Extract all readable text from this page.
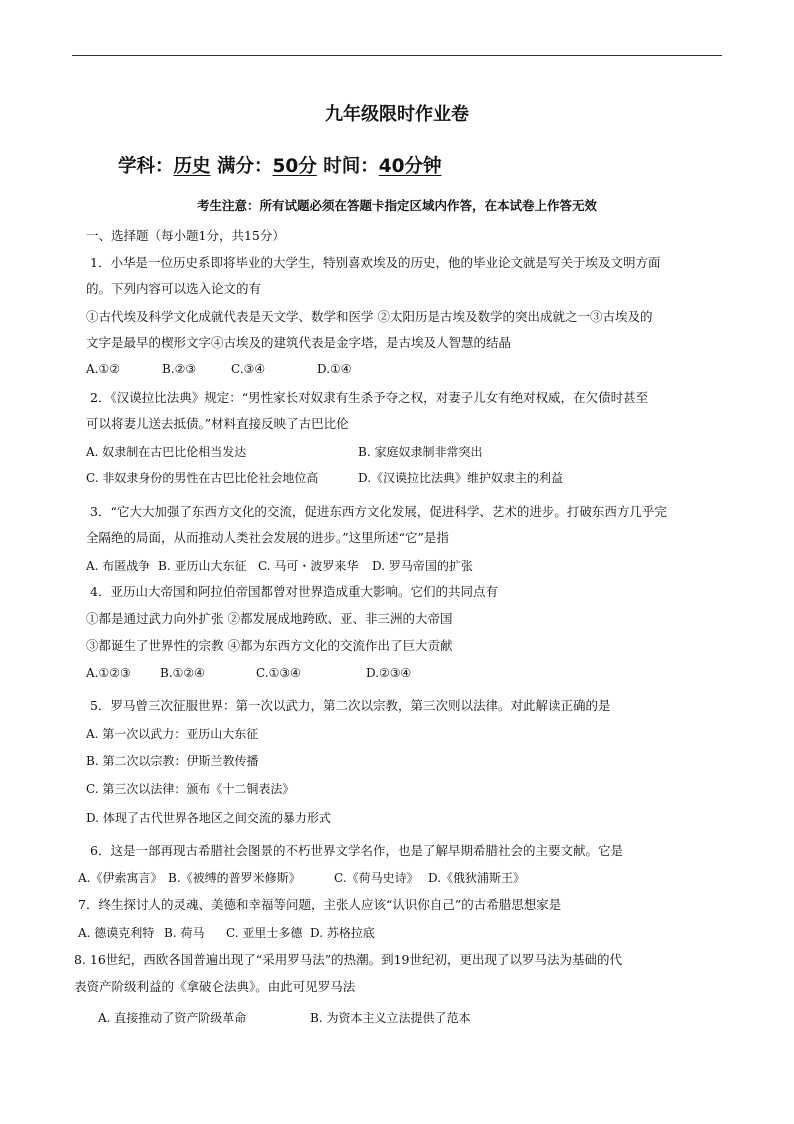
九年级限时作业卷
学科：历史 满分：50分 时间：40分钟
考生注意：所有试题必须在答题卡指定区域内作答，在本试卷上作答无效
一、选择题（每小题1分，共15分）
1．小华是一位历史系即将毕业的大学生，特别喜欢埃及的历史，他的毕业论文就是写关于埃及文明方面
的。下列内容可以选入论文的有
①古代埃及科学文化成就代表是天文学、数学和医学 ②太阳历是古埃及数学的突出成就之一③古埃及的
文字是最早的楔形文字④古埃及的建筑代表是金字塔，是古埃及人智慧的结晶
A.①②	B.②③	C.③④	D.①④
2．《汉谟拉比法典》规定：“男性家长对奴隶有生杀予夺之权，对妻子儿女有绝对权威，在欠债时甚至
可以将妻儿送去抵债。”材料直接反映了古巴比伦
A. 奴隶制在古巴比伦相当发达	B. 家庭奴隶制非常突出
C. 非奴隶身份的男性在古巴比伦社会地位高	D.《汉谟拉比法典》维护奴隶主的利益
3．“它大大加强了东西方文化的交流，促进东西方文化发展，促进科学、艺术的进步。打破东西方几乎完
全隔绝的局面，从而推动人类社会发展的进步。”这里所述“它”是指
A. 布匿战争 B. 亚历山大东征 C. 马可・波罗来华 D. 罗马帝国的扩张
4．亚历山大帝国和阿拉伯帝国都曾对世界造成重大影响。它们的共同点有
①都是通过武力向外扩张 ②都发展成地跨欧、亚、非三洲的大帝国
③都诞生了世界性的宗教 ④都为东西方文化的交流作出了巨大贡献
A.①②③ B.①②④	C.①③④	D.②③④
5．罗马曾三次征服世界：第一次以武力，第二次以宗教，第三次则以法律。对此解读正确的是
A. 第一次以武力：亚历山大东征
B. 第二次以宗教：伊斯兰教传播
C. 第三次以法律：颁布《十二铜表法》
D. 体现了古代世界各地区之间交流的暴力形式
6．这是一部再现古希腊社会图景的不朽世界文学名作，也是了解早期希腊社会的主要文献。它是
A.《伊索寓言》 B.《被缚的普罗米修斯》	C.《荷马史诗》 D.《俄狄浦斯王》
7．终生探讨人的灵魂、美德和幸福等问题，主张人应该“认识你自己”的古希腊思想家是
A. 德谟克利特 B. 荷马 C. 亚里士多德 D. 苏格拉底
8. 16世纪，西欧各国普遍出现了“采用罗马法”的热潮。到19世纪初，更出现了以罗马法为基础的代
表资产阶级利益的《拿破仑法典》。由此可见罗马法
A. 直接推动了资产阶级革命	B. 为资本主义立法提供了范本
